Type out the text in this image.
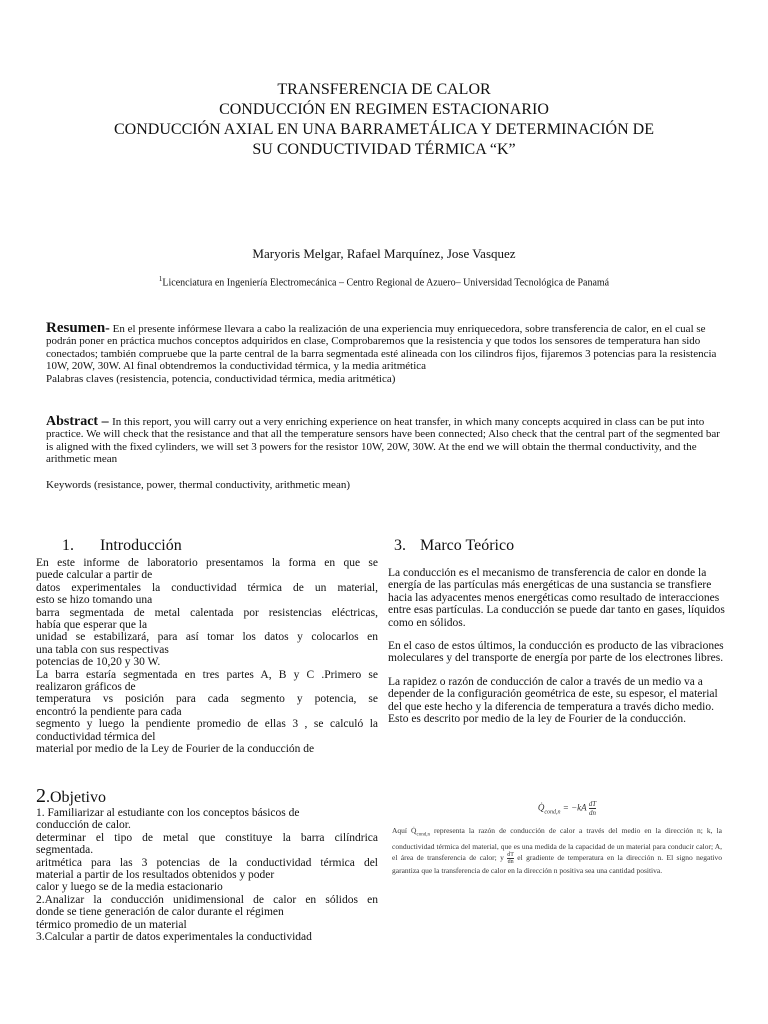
TRANSFERENCIA DE CALOR
CONDUCCIÓN EN REGIMEN ESTACIONARIO
CONDUCCIÓN AXIAL EN UNA BARRAMETÁLICA Y DETERMINACIÓN DE
SU CONDUCTIVIDAD TÉRMICA “K”
Maryoris Melgar, Rafael Marquínez, Jose Vasquez
$^1$Licenciatura en Ingeniería Electromecánica – Centro Regional de Azuero– Universidad Tecnológica de Panamá
Resumen- En el presente infórmese llevara a cabo la realización de una experiencia muy enriquecedora, sobre transferencia de calor, en el cual se podrán poner en práctica muchos conceptos adquiridos en clase, Comprobaremos que la resistencia y que todos los sensores de temperatura han sido conectados; también compruebe que la parte central de la barra segmentada esté alineada con los cilindros fijos, fijaremos 3 potencias para la resistencia 10W, 20W, 30W. Al final obtendremos la conductividad térmica, y la media aritmética
Palabras claves (resistencia, potencia, conductividad térmica, media aritmética)
Abstract – In this report, you will carry out a very enriching experience on heat transfer, in which many concepts acquired in class can be put into practice. We will check that the resistance and that all the temperature sensors have been connected; Also check that the central part of the segmented bar is aligned with the fixed cylinders, we will set 3 powers for the resistor 10W, 20W, 30W. At the end we will obtain the thermal conductivity, and the arithmetic mean
Keywords (resistance, power, thermal conductivity, arithmetic mean)
1. Introducción
En este informe de laboratorio presentamos la forma en que se
puede calcular a partir de
datos experimentales la conductividad térmica de un material,
esto se hizo tomando una
barra segmentada de metal calentada por resistencias eléctricas,
había que esperar que la
unidad se estabilizará, para así tomar los datos y colocarlos en
una tabla con sus respectivas
potencias de 10,20 y 30 W.
La barra estaría segmentada en tres partes A, B y C .Primero se
realizaron gráficos de
temperatura vs posición para cada segmento y potencia, se
encontró la pendiente para cada
segmento y luego la pendiente promedio de ellas 3 , se calculó la
conductividad térmica del
material por medio de la Ley de Fourier de la conducción de
2.Objetivo
1. Familiarizar al estudiante con los conceptos básicos de
conducción de calor.
determinar el tipo de metal que constituye la barra cilíndrica
segmentada.
aritmética para las 3 potencias de la conductividad térmica del
material a partir de los resultados obtenidos y poder
calor y luego se de la media estacionario
2.Analizar la conducción unidimensional de calor en sólidos en
donde se tiene generación de calor durante el régimen
térmico promedio de un material
3.Calcular a partir de datos experimentales la conductividad
3. Marco Teórico

La conducción es el mecanismo de transferencia de calor en donde la energía de las partículas más energéticas de una sustancia se transfiere hacia las adyacentes menos energéticas como resultado de interacciones entre esas partículas. La conducción se puede dar tanto en gases, líquidos como en sólidos.

En el caso de estos últimos, la conducción es producto de las vibraciones moleculares y del transporte de energía por parte de los electrones libres.

La rapidez o razón de conducción de calor a través de un medio va a depender de la configuración geométrica de este, su espesor, el material del que este hecho y la diferencia de temperatura a través dicho medio. Esto es descrito por medio de la ley de Fourier de la conducción.

$Q̇_{cond,n} = -kA \frac{dT}{dn}$
Aquí $Q̇_{cond,n}$ representa la razón de conducción de calor a través del medio en la dirección n; k, la conductividad térmica del material, que es una medida de la capacidad de un material para conducir calor; A, el área de transferencia de calor; y $\frac{dT}{dn}$ el gradiente de temperatura en la dirección n. El signo negativo garantiza que la transferencia de calor en la dirección n positiva sea una cantidad positiva.
